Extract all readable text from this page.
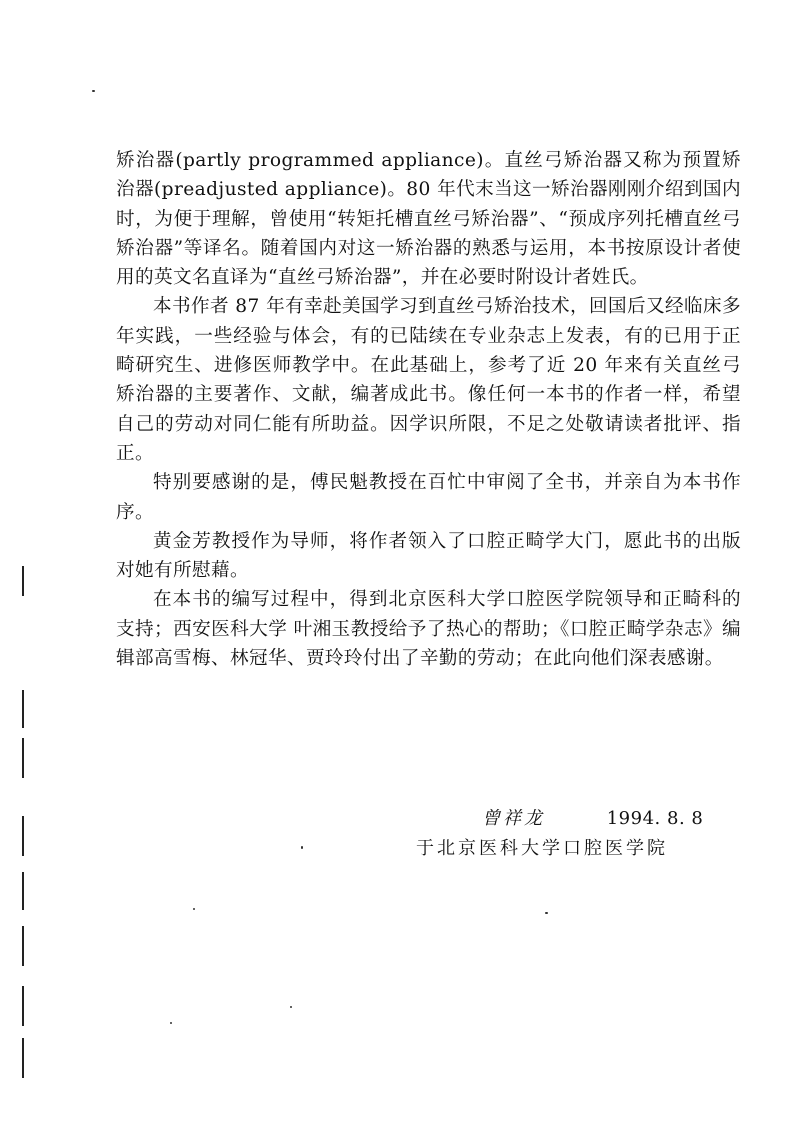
矫治器(partly programmed appliance)。直丝弓矫治器又称为预置矫治器(preadjusted appliance)。80 年代末当这一矫治器刚刚介绍到国内时，为便于理解，曾使用“转矩托槽直丝弓矫治器”、“预成序列托槽直丝弓矫治器”等译名。随着国内对这一矫治器的熟悉与运用，本书按原设计者使用的英文名直译为“直丝弓矫治器”，并在必要时附设计者姓氏。

本书作者 87 年有幸赴美国学习到直丝弓矫治技术，回国后又经临床多年实践，一些经验与体会，有的已陆续在专业杂志上发表，有的已用于正畸研究生、进修医师教学中。在此基础上，参考了近 20 年来有关直丝弓矫治器的主要著作、文献，编著成此书。像任何一本书的作者一样，希望自己的劳动对同仁能有所助益。因学识所限，不足之处敬请读者批评、指正。

特别要感谢的是，傅民魁教授在百忙中审阅了全书，并亲自为本书作序。

黄金芳教授作为导师，将作者领入了口腔正畸学大门，愿此书的出版对她有所慰藉。

在本书的编写过程中，得到北京医科大学口腔医学院领导和正畸科的支持；西安医科大学 叶湘玉教授给予了热心的帮助；《口腔正畸学杂志》编辑部高雪梅、林冠华、贾玲玲付出了辛勤的劳动；在此向他们深表感谢。

曾祥龙	1994. 8. 8
于北京医科大学口腔医学院
